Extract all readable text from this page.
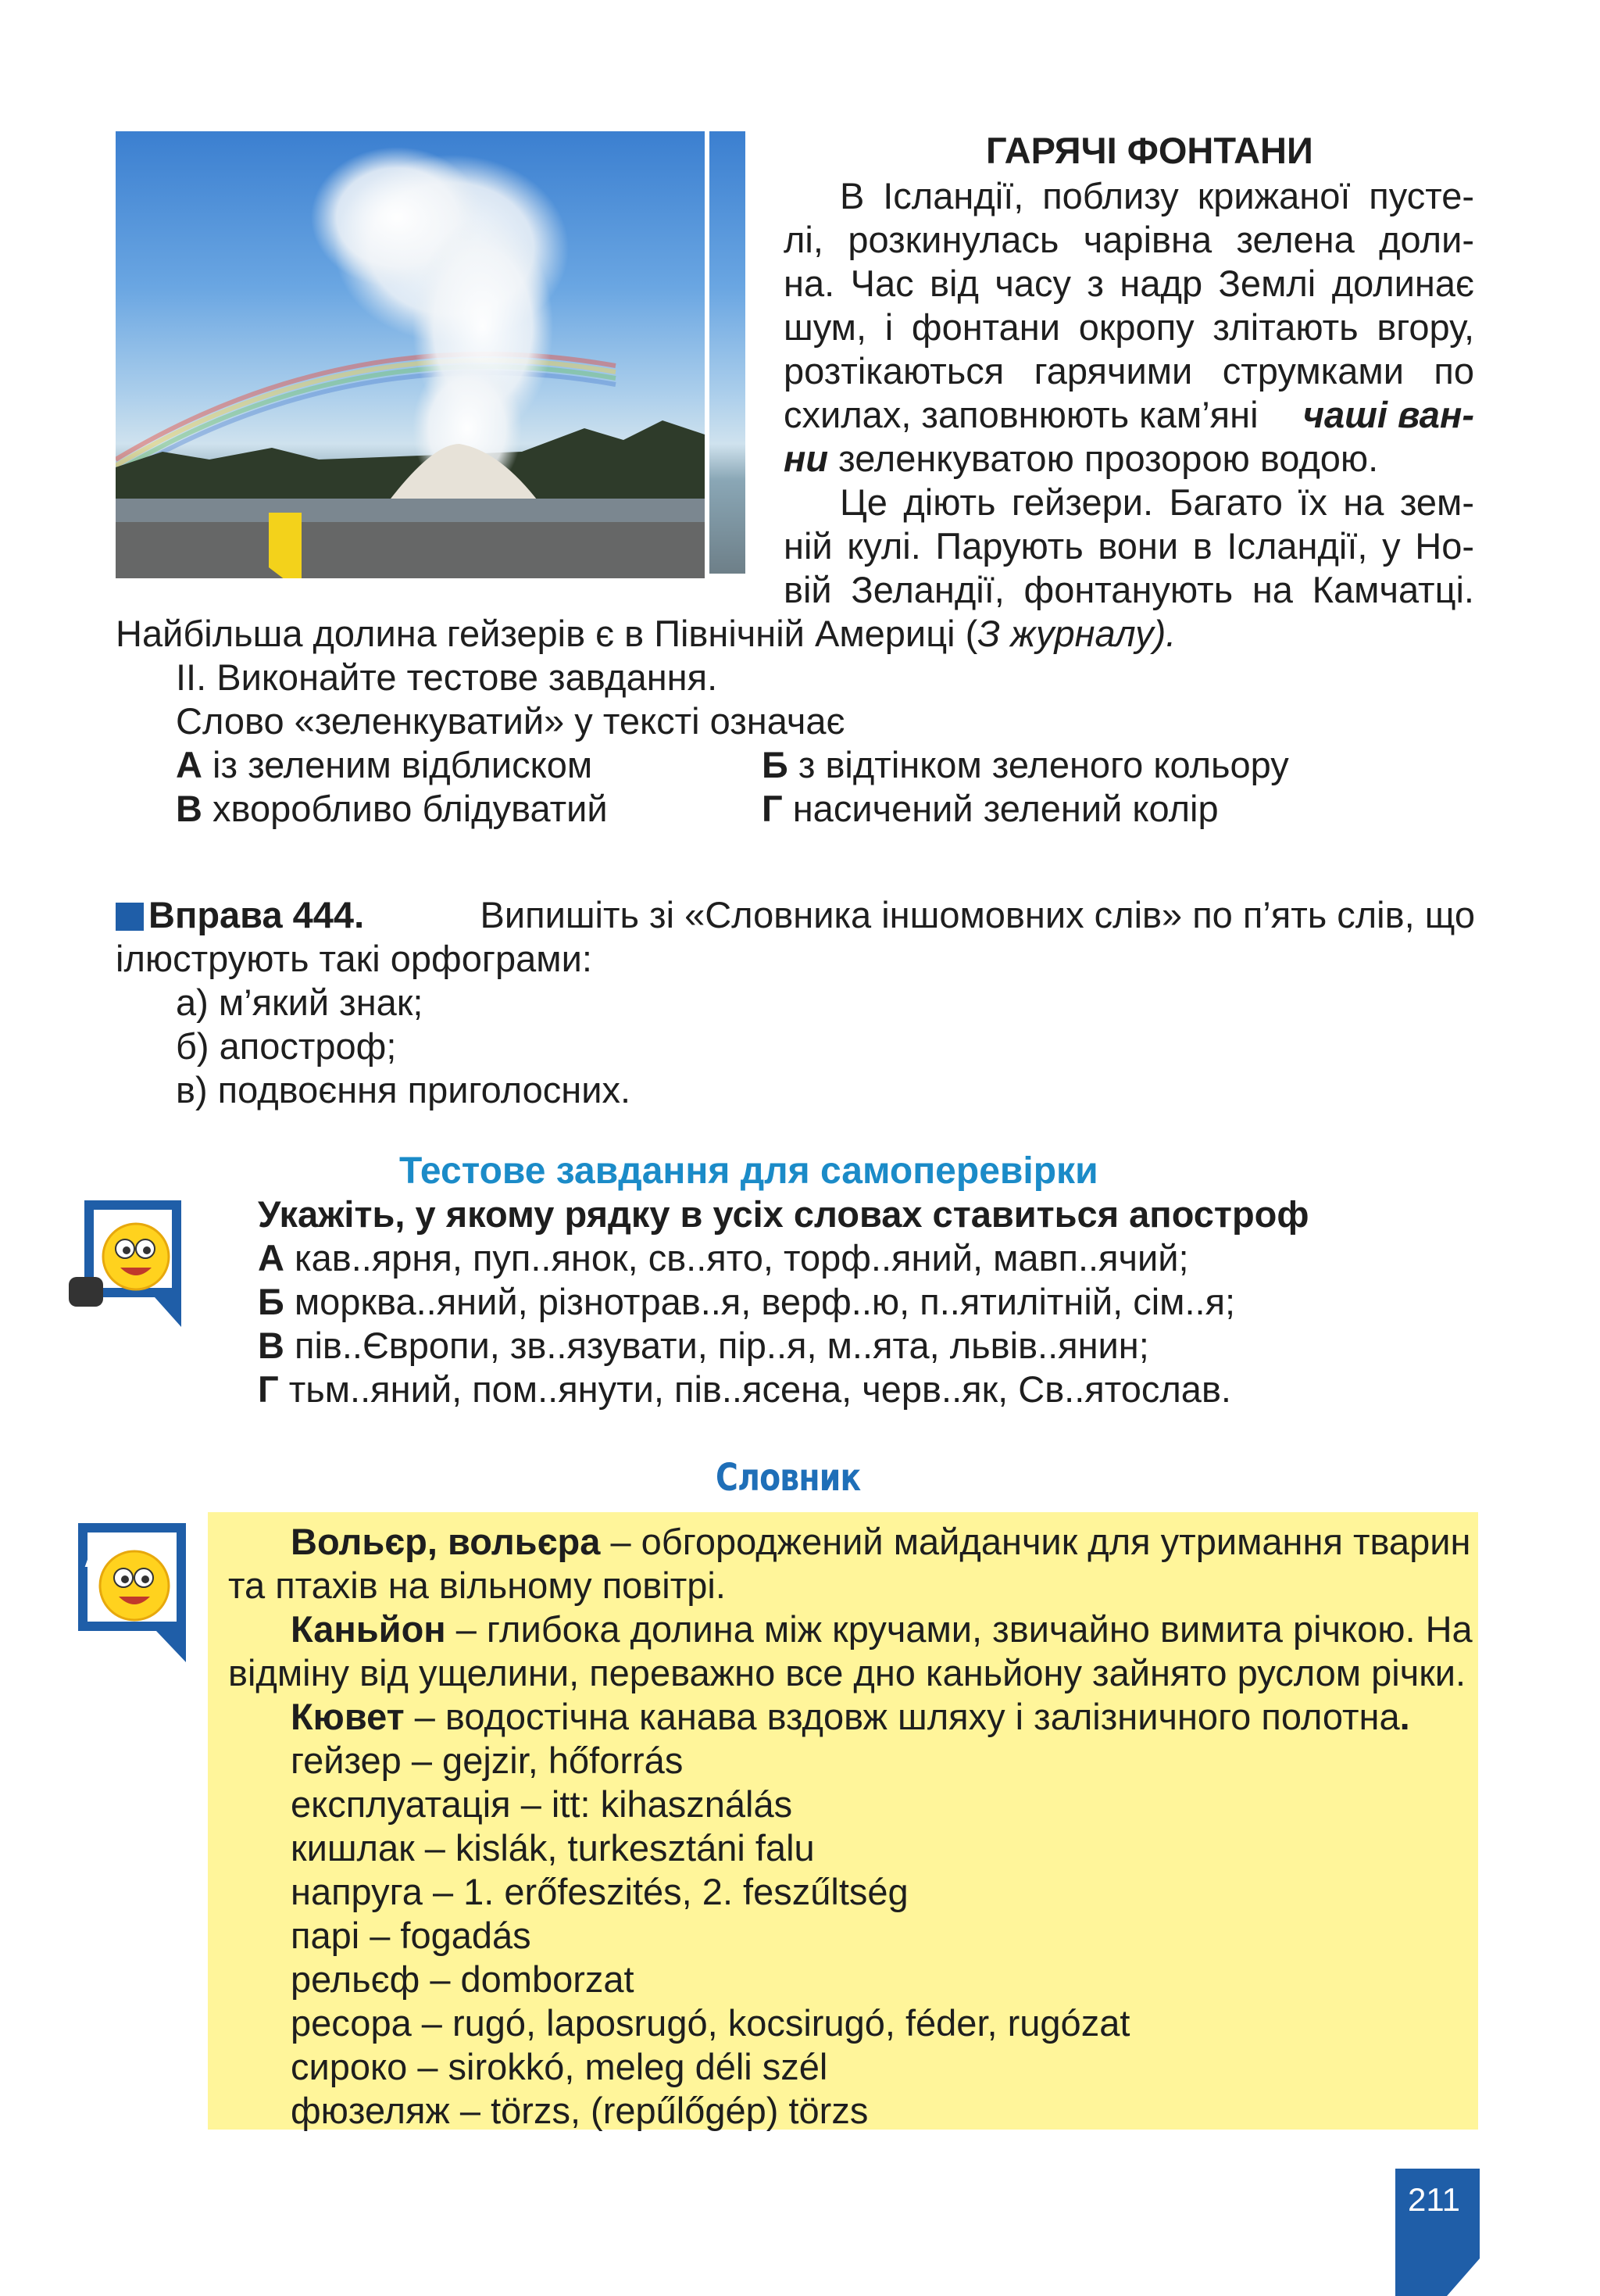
ГАРЯЧІ ФОНТАНИ
В Ісландії, поблизу крижаної пусте-
лі, розкинулась чарівна зелена доли-
на. Час від часу з надр Землі долинає
шум, і фонтани окропу злітають вгору,
розтікаються гарячими струмками по
схилах, заповнюють кам’яні чаші ван-
ни зеленкуватою прозорою водою.
Це діють гейзери. Багато їх на зем-
ній кулі. Парують вони в Ісландії, у Но-
вій Зеландії, фонтанують на Камчатці.
Найбільша долина гейзерів є в Північній Америці (З журналу).
ІІ. Виконайте тестове завдання.
Слово «зеленкуватий» у тексті означає
А із зеленим відблиском	Б з відтінком зеленого кольору
В хворобливо блідуватий	Г насичений зелений колір
Вправа 444.	Випишіть зі «Словника іншомовних слів» по п’ять слів, що
ілюструють такі орфограми:
а) м’який знак;
б) апостроф;
в) подвоєння приголосних.
Тестове завдання для самоперевірки
Укажіть, у якому рядку в усіх словах ставиться апостроф
А кав..ярня, пуп..янок, св..ято, торф..яний, мавп..ячий;
Б морква..яний, різнотрав..я, верф..ю, п..ятилітній, сім..я;
В пів..Європи, зв..язувати, пір..я, м..ята, львів..янин;
Г тьм..яний, пом..янути, пів..ясена, черв..як, Св..ятослав.
Словник
А
Я	Вольєр, вольєра – обгороджений майданчик для утримання тварин
та птахів на вільному повітрі.
Каньйон – глибока долина між кручами, звичайно вимита річкою. На
відміну від ущелини, переважно все дно каньйону зайнято руслом річки.
Кювет – водостічна канава вздовж шляху і залізничного полотна.
гейзер – gejzir, hőforrás
експлуатація – itt: kihasználás
кишлак – kislák, turkesztáni falu
напруга – 1. erőfeszités, 2. feszűltség
парі – fogadás
рельєф – domborzat
ресора – rugó, laposrugó, kocsirugó, féder, rugózat
сироко – sirokkó, meleg déli szél
фюзеляж – törzs, (repűlőgép) törzs
211
